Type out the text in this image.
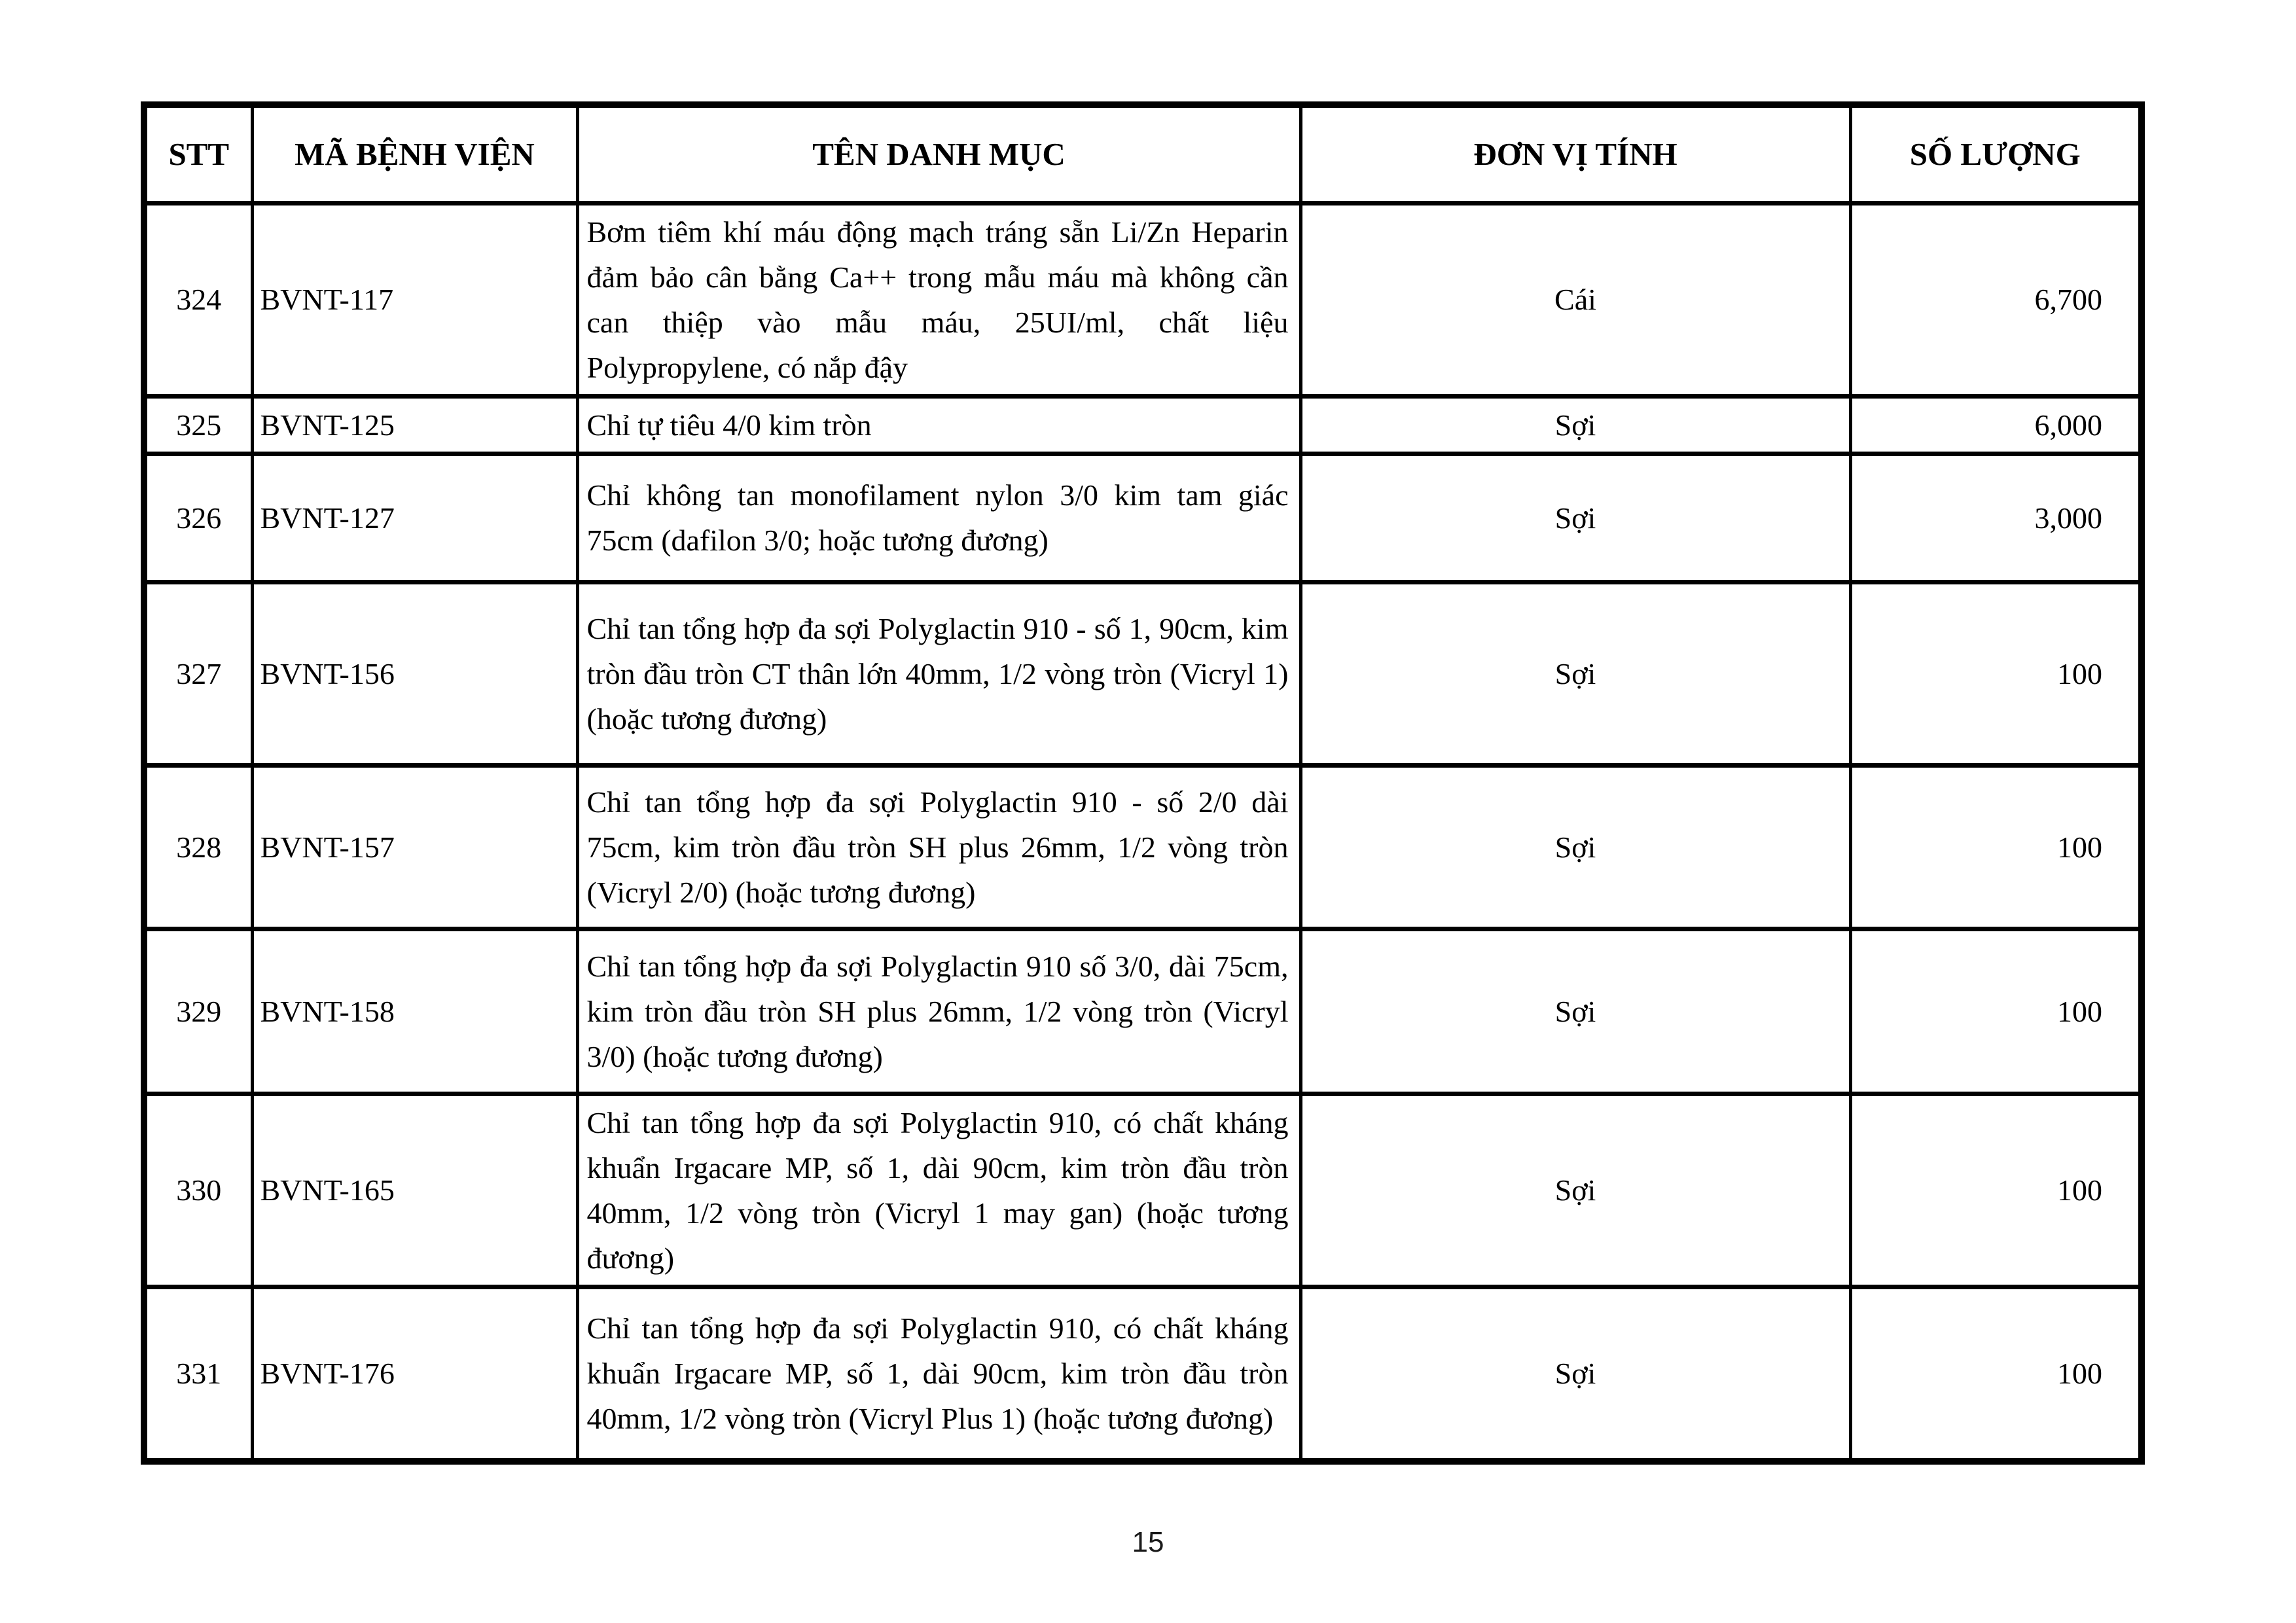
STT	MÃ BỆNH VIỆN	TÊN DANH MỤC	ĐƠN VỊ TÍNH	SỐ LƯỢNG
324	BVNT-117	Bơm tiêm khí máu động mạch tráng sẵn Li/Zn Heparin đảm bảo cân bằng Ca++ trong mẫu máu mà không cần can thiệp vào mẫu máu, 25UI/ml, chất liệu Polypropylene, có nắp đậy	Cái	6,700
325	BVNT-125	Chỉ tự tiêu 4/0 kim tròn	Sợi	6,000
326	BVNT-127	Chỉ không tan monofilament nylon 3/0 kim tam giác 75cm (dafilon 3/0; hoặc tương đương)	Sợi	3,000
327	BVNT-156	Chỉ tan tổng hợp đa sợi Polyglactin 910 - số 1, 90cm, kim tròn đầu tròn CT thân lớn 40mm, 1/2 vòng tròn (Vicryl 1) (hoặc tương đương)	Sợi	100
328	BVNT-157	Chỉ tan tổng hợp đa sợi Polyglactin 910 - số 2/0 dài 75cm, kim tròn đầu tròn SH plus 26mm, 1/2 vòng tròn (Vicryl 2/0) (hoặc tương đương)	Sợi	100
329	BVNT-158	Chỉ tan tổng hợp đa sợi Polyglactin 910 số 3/0, dài 75cm, kim tròn đầu tròn SH plus 26mm, 1/2 vòng tròn (Vicryl 3/0) (hoặc tương đương)	Sợi	100
330	BVNT-165	Chỉ tan tổng hợp đa sợi Polyglactin 910, có chất kháng khuẩn Irgacare MP, số 1, dài 90cm, kim tròn đầu tròn 40mm, 1/2 vòng tròn (Vicryl 1 may gan) (hoặc tương đương)	Sợi	100
331	BVNT-176	Chỉ tan tổng hợp đa sợi Polyglactin 910, có chất kháng khuẩn Irgacare MP, số 1, dài 90cm, kim tròn đầu tròn 40mm, 1/2 vòng tròn (Vicryl Plus 1) (hoặc tương đương)	Sợi	100
15
